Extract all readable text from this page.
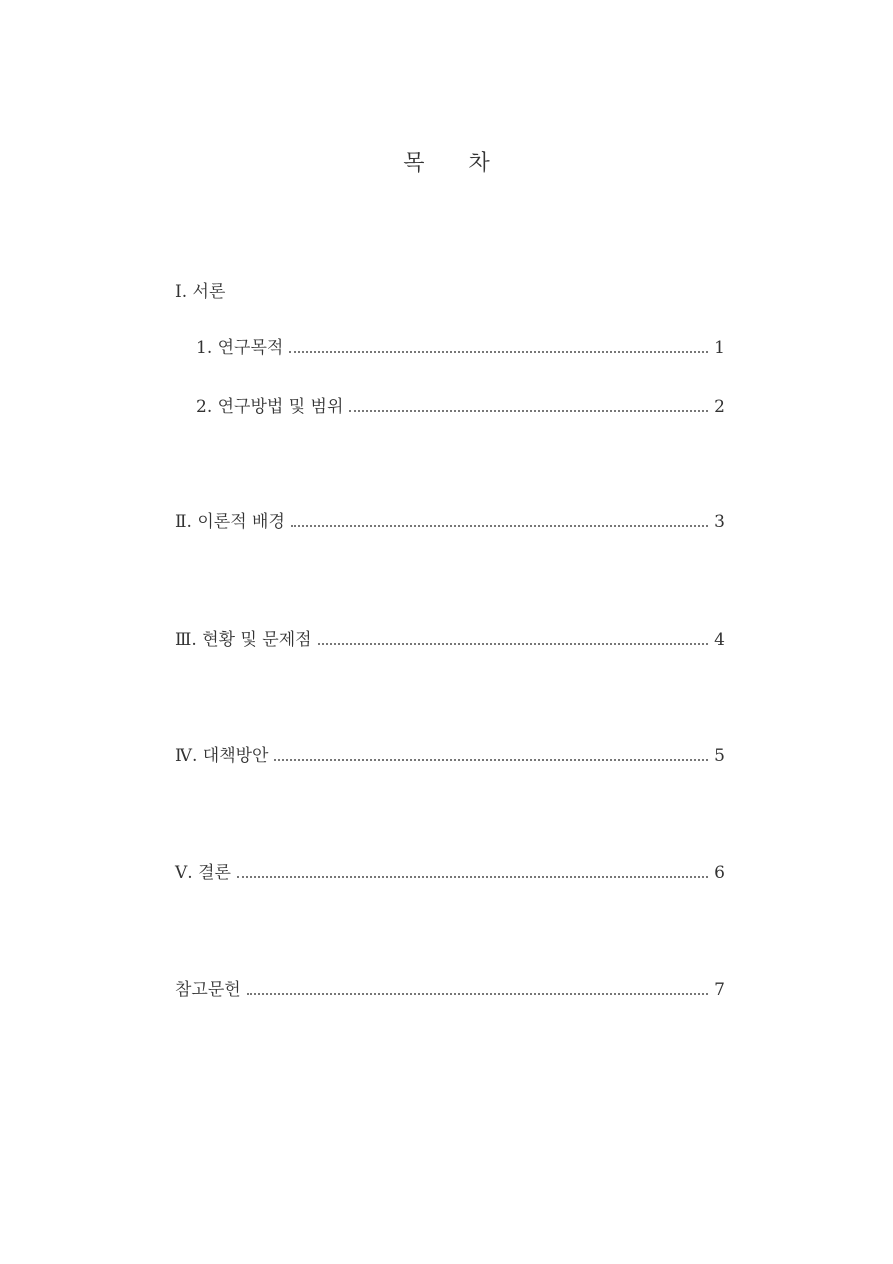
목 차
Ⅰ. 서론
1. 연구목적	1
2. 연구방법 및 범위	2
Ⅱ. 이론적 배경	3
Ⅲ. 현황 및 문제점	4
Ⅳ. 대책방안	5
Ⅴ. 결론	6
참고문헌	7
